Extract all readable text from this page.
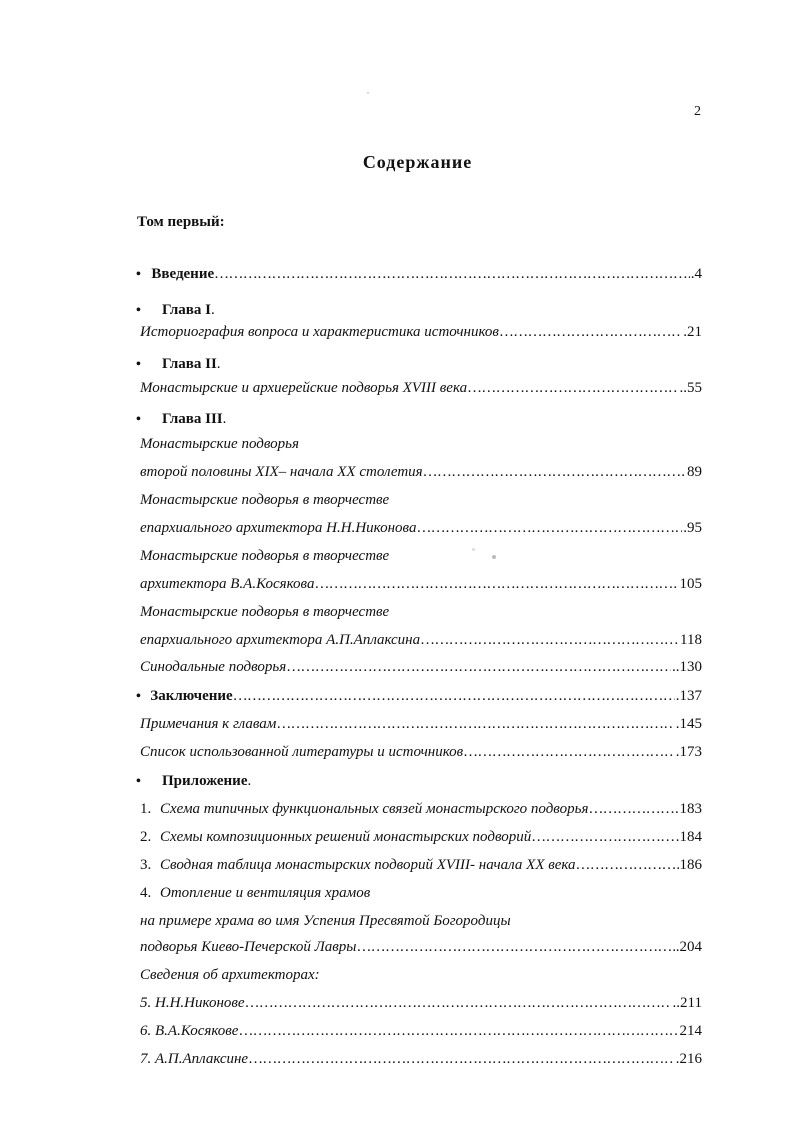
2
Содержание
Том первый:
• Введение ……………………………………………………………………………………………………………………………………………………	.4
•	Глава I.
Историография вопроса и характеристика источников ……………………………………………………………………………………………………………………………………………………	.21
•	Глава II.
Монастырские и архиерейские подворья XVIII века ……………………………………………………………………………………………………………………………………………………	..55
•	Глава III.
Монастырские подворья
второй половины XIX– начала XX столетия ……………………………………………………………………………………………………………………………………………………	89
Монастырские подворья в творчестве
епархиального архитектора Н.Н.Никонова ……………………………………………………………………………………………………………………………………………………	.95
Монастырские подворья в творчестве
архитектора В.А.Косякова ……………………………………………………………………………………………………………………………………………………	105
Монастырские подворья в творчестве
епархиального архитектора А.П.Аплаксина ……………………………………………………………………………………………………………………………………………………	118
Синодальные подворья ……………………………………………………………………………………………………………………………………………………	..130
• Заключение ……………………………………………………………………………………………………………………………………………………	.137
Примечания к главам ……………………………………………………………………………………………………………………………………………………	.145
Список использованной литературы и источников ……………………………………………………………………………………………………………………………………………………	.173
•	Приложение.
1. Схема типичных функциональных связей монастырского подворья ……………………………………………………………………………………………………………………………………………………	183
2. Схемы композиционных решений монастырских подворий ……………………………………………………………………………………………………………………………………………………	.184
3. Сводная таблица монастырских подворий XVIII- начала XX века ……………………………………………………………………………………………………………………………………………………	186
4. Отопление и вентиляция храмов
на примере храма во имя Успения Пресвятой Богородицы
подворья Киево-Печерской Лавры ……………………………………………………………………………………………………………………………………………………	.204
Сведения об архитекторах:
5. Н.Н.Никонове ……………………………………………………………………………………………………………………………………………………	..211
6. В.А.Косякове ……………………………………………………………………………………………………………………………………………………	214
7. А.П.Аплаксине ……………………………………………………………………………………………………………………………………………………	.216
